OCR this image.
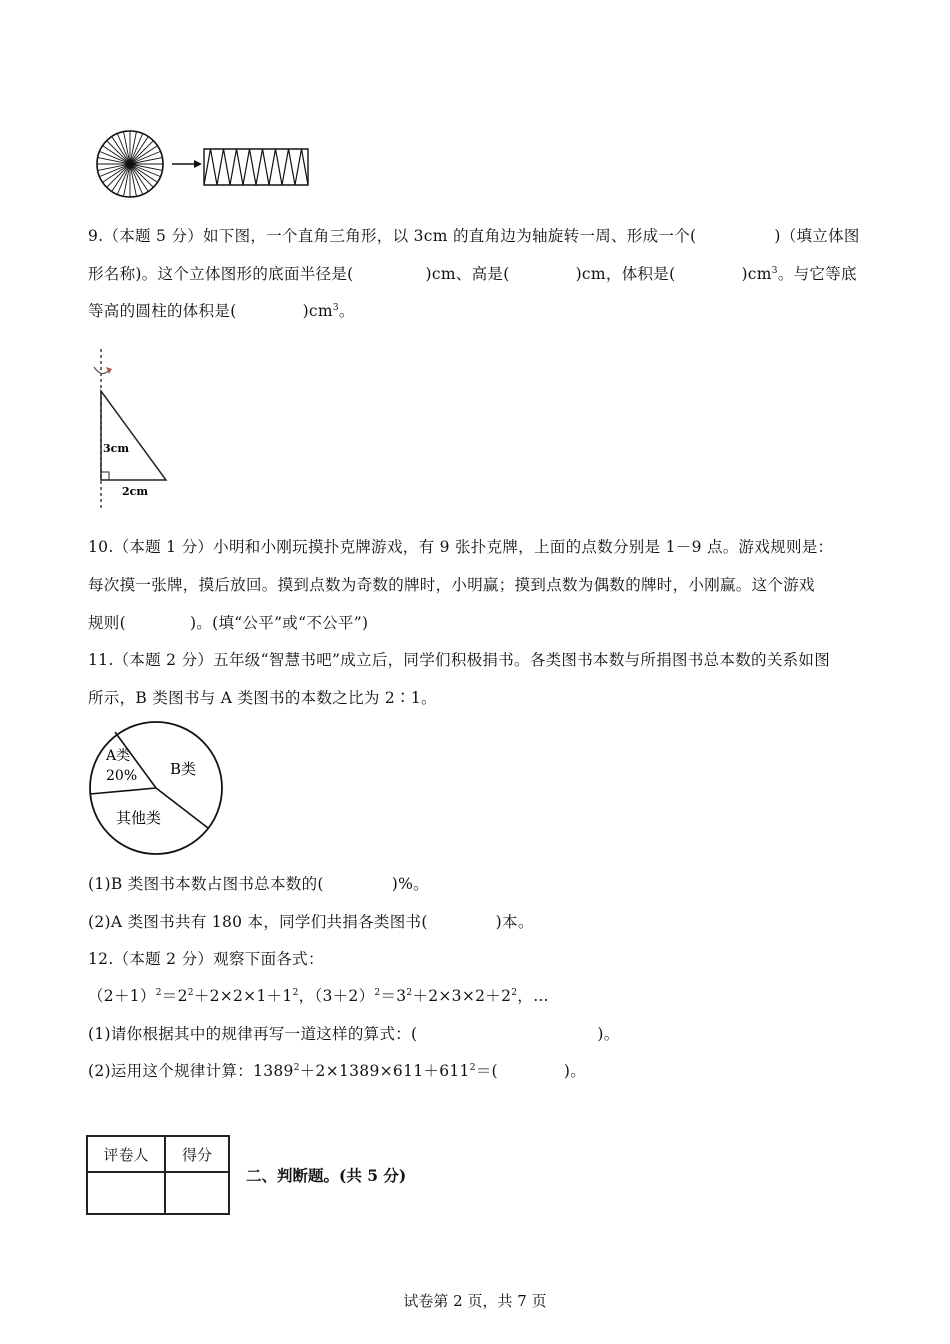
9.（本题 5 分）如下图，一个直角三角形，以 3cm 的直角边为轴旋转一周、形成一个(	)（填立体图
形名称)。这个立体图形的底面半径是(	)cm、高是(	)cm，体积是(	)$cm^3$。与它等底
等高的圆柱的体积是(	)$cm^3$。
3cm
2cm
10.（本题 1 分）小明和小刚玩摸扑克牌游戏，有 9 张扑克牌，上面的点数分别是 1－9 点。游戏规则是：
每次摸一张牌，摸后放回。摸到点数为奇数的牌时，小明赢；摸到点数为偶数的牌时，小刚赢。这个游戏
规则(	)。(填“公平”或“不公平”)
11.（本题 2 分）五年级“智慧书吧”成立后，同学们积极捐书。各类图书本数与所捐图书总本数的关系如图
所示，B 类图书与 A 类图书的本数之比为 2∶1。
A类
20% B类
其他类
(1)B 类图书本数占图书总本数的(	)%。
(2)A 类图书共有 180 本，同学们共捐各类图书(	)本。
12.（本题 2 分）观察下面各式：
$(2+1)^2=2^2+2\times 2\times 1+1^2$，$(3+2)^2=3^2+2\times 3\times 2+2^2$，…
(1)请你根据其中的规律再写一道这样的算式：(	)。
(2)运用这个规律计算：$1389^2+2\times 1389\times 611+611^2=$(	)。
评卷人	得分

二、判断题。(共 5 分)
试卷第 2 页，共 7 页
